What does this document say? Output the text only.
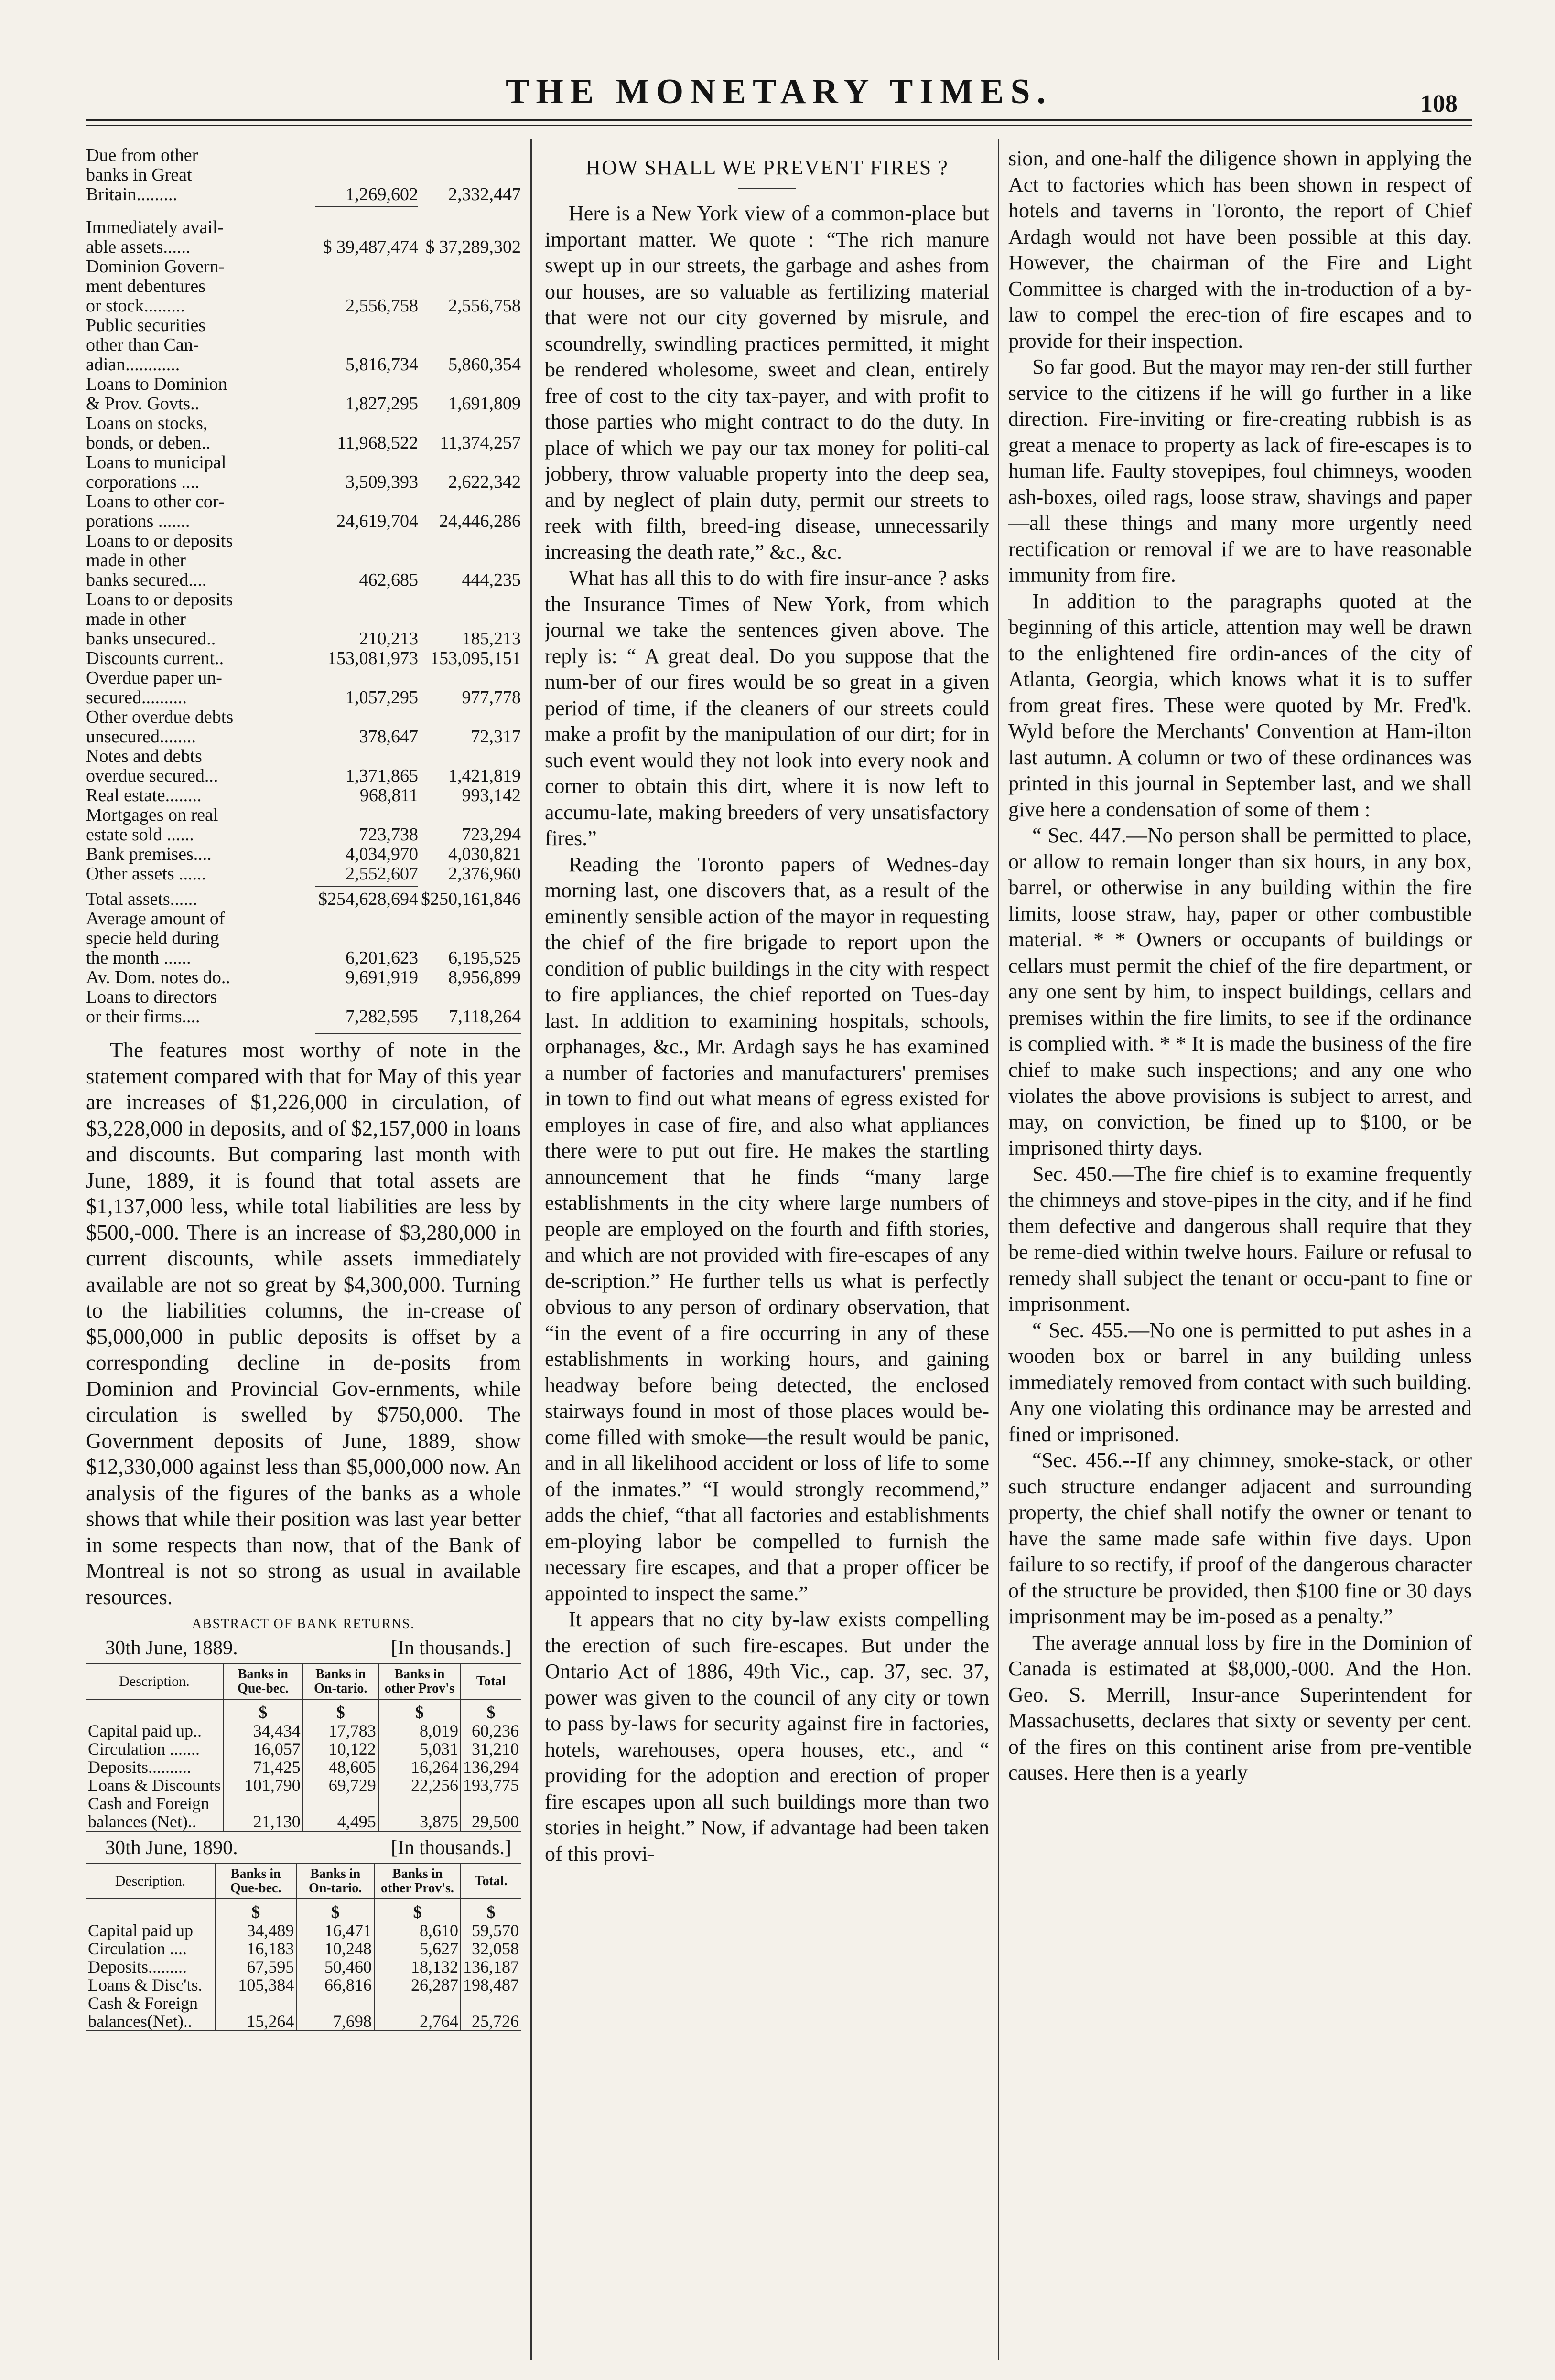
THE MONETARY TIMES.	108
Due from other
banks in Great
Britain.........	1,269,602	2,332,447
Immediately avail-
able assets......	$ 39,487,474 $ 37,289,302
Dominion Govern-
ment debentures
or stock.........	2,556,758	2,556,758
Public securities
other than Can-
adian............	5,816,734	5,860,354
Loans to Dominion
& Prov. Govts..	1,827,295	1,691,809
Loans on stocks,
bonds, or deben..	11,968,522	11,374,257
Loans to municipal
corporations ....	3,509,393	2,622,342
Loans to other cor-
porations .......	24,619,704	24,446,286
Loans to or deposits
made in other
banks secured....	462,685	444,235
Loans to or deposits
made in other
banks unsecured..	210,213	185,213
Discounts current..	153,081,973 153,095,151
Overdue paper un-
secured..........	1,057,295	977,778
Other overdue debts
unsecured........	378,647	72,317
Notes and debts
overdue secured...	1,371,865	1,421,819
Real estate........	968,811	993,142
Mortgages on real
estate sold ......	723,738	723,294
Bank premises....	4,034,970	4,030,821
Other assets ......	2,552,607	2,376,960
Total assets......	$254,628,694 $250,161,846
Average amount of
specie held during
the month ......	6,201,623	6,195,525
Av. Dom. notes do..	9,691,919	8,956,899
Loans to directors
or their firms....	7,282,595	7,118,264

The features most worthy of note in the statement compared with that for May of this year are increases of $1,226,000 in circulation, of $3,228,000 in deposits, and of $2,157,000 in loans and discounts. But comparing last month with June, 1889, it is found that total assets are $1,137,000 less, while total liabilities are less by $500,-000. There is an increase of $3,280,000 in current discounts, while assets immediately available are not so great by $4,300,000. Turning to the liabilities columns, the in-crease of $5,000,000 in public deposits is offset by a corresponding decline in de-posits from Dominion and Provincial Gov-ernments, while circulation is swelled by $750,000. The Government deposits of June, 1889, show $12,330,000 against less than $5,000,000 now. An analysis of the figures of the banks as a whole shows that while their position was last year better in some respects than now, that of the Bank of Montreal is not so strong as usual in available resources.

ABSTRACT OF BANK RETURNS.
30th June, 1889.	[In thousands.]
Description.	Banks in Que-bec.	Banks in On-tario.	Banks in other Prov's	Total
	$	$	$	$
Capital paid up..	34,434	17,783	8,019	60,236
Circulation .......	16,057	10,122	5,031	31,210
Deposits..........	71,425	48,605	16,264	136,294
Loans & Discounts	101,790	69,729	22,256	193,775
Cash and Foreign				
balances (Net)..	21,130	4,495	3,875	29,500
30th June, 1890.	[In thousands.]
Description.	Banks in Que-bec.	Banks in On-tario.	Banks in other Prov's.	Total.
	$	$	$	$
Capital paid up	34,489	16,471	8,610	59,570
Circulation ....	16,183	10,248	5,627	32,058
Deposits.........	67,595	50,460	18,132	136,187
Loans & Disc'ts.	105,384	66,816	26,287	198,487
Cash & Foreign				
balances(Net)..	15,264	7,698	2,764	25,726
HOW SHALL WE PREVENT FIRES ?

Here is a New York view of a common-place but important matter. We quote : “The rich manure swept up in our streets, the garbage and ashes from our houses, are so valuable as fertilizing material that were not our city governed by misrule, and scoundrelly, swindling practices permitted, it might be rendered wholesome, sweet and clean, entirely free of cost to the city tax-payer, and with profit to those parties who might contract to do the duty. In place of which we pay our tax money for politi-cal jobbery, throw valuable property into the deep sea, and by neglect of plain duty, permit our streets to reek with filth, breed-ing disease, unnecessarily increasing the death rate,” &c., &c.

What has all this to do with fire insur-ance ? asks the Insurance Times of New York, from which journal we take the sentences given above. The reply is: “ A great deal. Do you suppose that the num-ber of our fires would be so great in a given period of time, if the cleaners of our streets could make a profit by the manipulation of our dirt; for in such event would they not look into every nook and corner to obtain this dirt, where it is now left to accumu-late, making breeders of very unsatisfactory fires.”

Reading the Toronto papers of Wednes-day morning last, one discovers that, as a result of the eminently sensible action of the mayor in requesting the chief of the fire brigade to report upon the condition of public buildings in the city with respect to fire appliances, the chief reported on Tues-day last. In addition to examining hospitals, schools, orphanages, &c., Mr. Ardagh says he has examined a number of factories and manufacturers' premises in town to find out what means of egress existed for employes in case of fire, and also what appliances there were to put out fire. He makes the startling announcement that he finds “many large establishments in the city where large numbers of people are employed on the fourth and fifth stories, and which are not provided with fire-escapes of any de-scription.” He further tells us what is perfectly obvious to any person of ordinary observation, that “in the event of a fire occurring in any of these establishments in working hours, and gaining headway before being detected, the enclosed stairways found in most of those places would be-come filled with smoke—the result would be panic, and in all likelihood accident or loss of life to some of the inmates.” “I would strongly recommend,” adds the chief, “that all factories and establishments em-ploying labor be compelled to furnish the necessary fire escapes, and that a proper officer be appointed to inspect the same.”

It appears that no city by-law exists compelling the erection of such fire-escapes. But under the Ontario Act of 1886, 49th Vic., cap. 37, sec. 37, power was given to the council of any city or town to pass by-laws for security against fire in factories, hotels, warehouses, opera houses, etc., and “ providing for the adoption and erection of proper fire escapes upon all such buildings more than two stories in height.” Now, if advantage had been taken of this provi-

sion, and one-half the diligence shown in applying the Act to factories which has been shown in respect of hotels and taverns in Toronto, the report of Chief Ardagh would not have been possible at this day. However, the chairman of the Fire and Light Committee is charged with the in-troduction of a by-law to compel the erec-tion of fire escapes and to provide for their inspection.

So far good. But the mayor may ren-der still further service to the citizens if he will go further in a like direction. Fire-inviting or fire-creating rubbish is as great a menace to property as lack of fire-escapes is to human life. Faulty stovepipes, foul chimneys, wooden ash-boxes, oiled rags, loose straw, shavings and paper—all these things and many more urgently need rectification or removal if we are to have reasonable immunity from fire.

In addition to the paragraphs quoted at the beginning of this article, attention may well be drawn to the enlightened fire ordin-ances of the city of Atlanta, Georgia, which knows what it is to suffer from great fires. These were quoted by Mr. Fred'k. Wyld before the Merchants' Convention at Ham-ilton last autumn. A column or two of these ordinances was printed in this journal in September last, and we shall give here a condensation of some of them :

“ Sec. 447.—No person shall be permitted to place, or allow to remain longer than six hours, in any box, barrel, or otherwise in any building within the fire limits, loose straw, hay, paper or other combustible material. * * Owners or occupants of buildings or cellars must permit the chief of the fire department, or any one sent by him, to inspect buildings, cellars and premises within the fire limits, to see if the ordinance is complied with. * * It is made the business of the fire chief to make such inspections; and any one who violates the above provisions is subject to arrest, and may, on conviction, be fined up to $100, or be imprisoned thirty days.

Sec. 450.—The fire chief is to examine frequently the chimneys and stove-pipes in the city, and if he find them defective and dangerous shall require that they be reme-died within twelve hours. Failure or refusal to remedy shall subject the tenant or occu-pant to fine or imprisonment.

“ Sec. 455.—No one is permitted to put ashes in a wooden box or barrel in any building unless immediately removed from contact with such building. Any one violating this ordinance may be arrested and fined or imprisoned.

“Sec. 456.--If any chimney, smoke-stack, or other such structure endanger adjacent and surrounding property, the chief shall notify the owner or tenant to have the same made safe within five days. Upon failure to so rectify, if proof of the dangerous character of the structure be provided, then $100 fine or 30 days imprisonment may be im-posed as a penalty.”

The average annual loss by fire in the Dominion of Canada is estimated at $8,000,-000. And the Hon. Geo. S. Merrill, Insur-ance Superintendent for Massachusetts, declares that sixty or seventy per cent. of the fires on this continent arise from pre-ventible causes. Here then is a yearly
